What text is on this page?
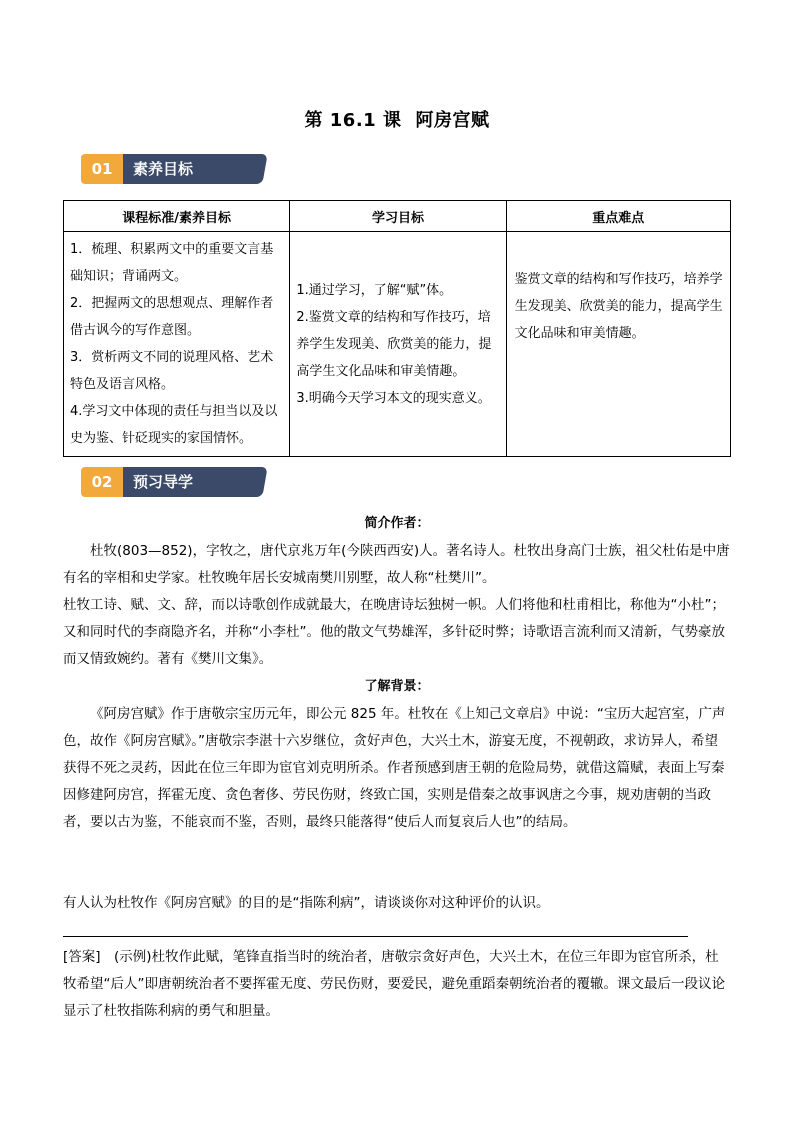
第 16.1 课 阿房宫赋
素养目标
01
课程标准/素养目标	学习目标	重点难点

1．梳理、积累两文中的重要文言基础知识；背诵两文。
2．把握两文的思想观点、理解作者借古讽今的写作意图。
3．赏析两文不同的说理风格、艺术特色及语言风格。
4.学习文中体现的责任与担当以及以史为鉴、针砭现实的家国情怀。	1.通过学习，了解“赋”体。
2.鉴赏文章的结构和写作技巧，培养学生发现美、欣赏美的能力，提高学生文化品味和审美情趣。
3.明确今天学习本文的现实意义。	鉴赏文章的结构和写作技巧，培养学生发现美、欣赏美的能力，提高学生文化品味和审美情趣。
预习导学
02
简介作者：
杜牧(803—852)，字牧之，唐代京兆万年(今陕西西安)人。著名诗人。杜牧出身高门士族，祖父杜佑是中唐有名的宰相和史学家。杜牧晚年居长安城南樊川别墅，故人称“杜樊川”。
杜牧工诗、赋、文、辞，而以诗歌创作成就最大，在晚唐诗坛独树一帜。人们将他和杜甫相比，称他为“小杜”；又和同时代的李商隐齐名，并称“小李杜”。他的散文气势雄浑，多针砭时弊；诗歌语言流利而又清新，气势豪放而又情致婉约。著有《樊川文集》。
了解背景：
《阿房宫赋》作于唐敬宗宝历元年，即公元 825 年。杜牧在《上知己文章启》中说：“宝历大起宫室，广声色，故作《阿房宫赋》。”唐敬宗李湛十六岁继位，贪好声色，大兴土木，游宴无度，不视朝政，求访异人，希望获得不死之灵药，因此在位三年即为宦官刘克明所杀。作者预感到唐王朝的危险局势，就借这篇赋，表面上写秦因修建阿房宫，挥霍无度、贪色奢侈、劳民伤财，终致亡国，实则是借秦之故事讽唐之今事，规劝唐朝的当政者，要以古为鉴，不能哀而不鉴，否则，最终只能落得“使后人而复哀后人也”的结局。
有人认为杜牧作《阿房宫赋》的目的是“指陈利病”，请谈谈你对这种评价的认识。
[答案]　(示例)杜牧作此赋，笔锋直指当时的统治者，唐敬宗贪好声色，大兴土木，在位三年即为宦官所杀，杜牧希望“后人”即唐朝统治者不要挥霍无度、劳民伤财，要爱民，避免重蹈秦朝统治者的覆辙。课文最后一段议论显示了杜牧指陈利病的勇气和胆量。
